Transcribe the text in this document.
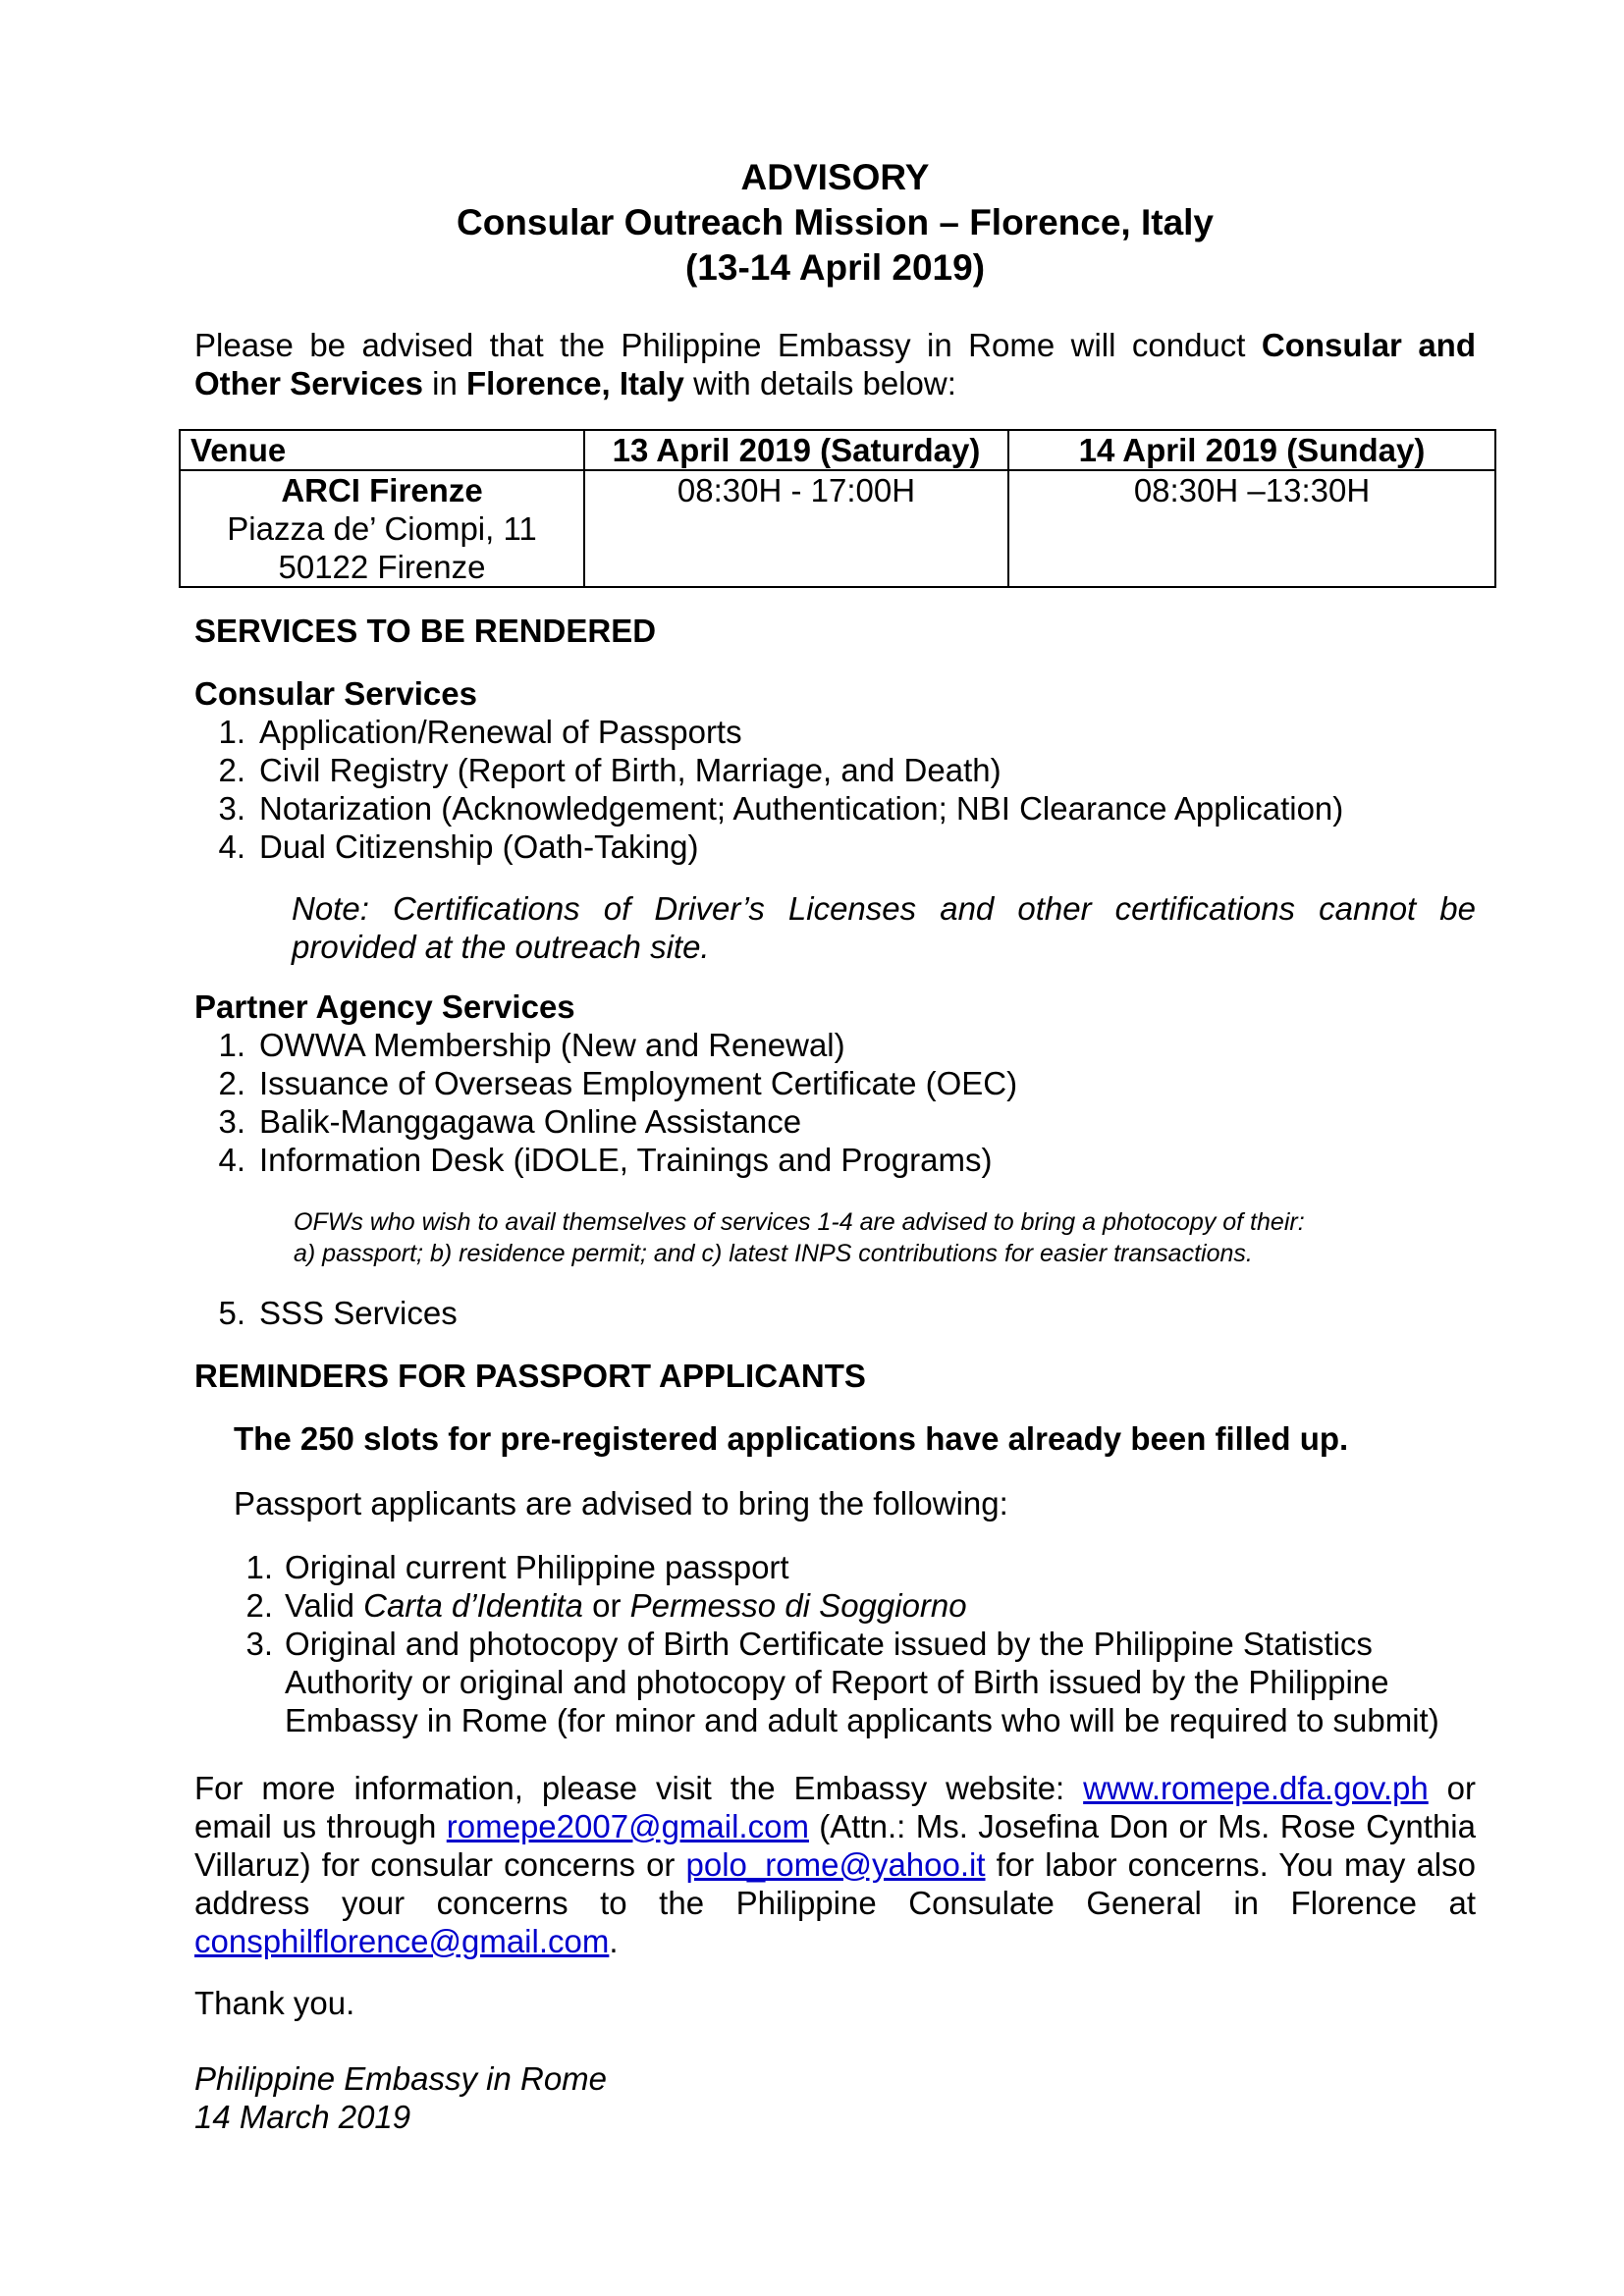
ADVISORY
Consular Outreach Mission – Florence, Italy
(13-14 April 2019)
Please be advised that the Philippine Embassy in Rome will conduct Consular and Other Services in Florence, Italy with details below:
Venue	13 April 2019 (Saturday)	14 April 2019 (Sunday)

ARCI Firenze
Piazza de’ Ciompi, 11
50122 Firenze	08:30H - 17:00H	08:30H –13:30H
SERVICES TO BE RENDERED
Consular Services
1. Application/Renewal of Passports
2. Civil Registry (Report of Birth, Marriage, and Death)
3. Notarization (Acknowledgement; Authentication; NBI Clearance Application)
4. Dual Citizenship (Oath-Taking)
Note: Certifications of Driver’s Licenses and other certifications cannot be provided at the outreach site.
Partner Agency Services
1. OWWA Membership (New and Renewal)
2. Issuance of Overseas Employment Certificate (OEC)
3. Balik-Manggagawa Online Assistance
4. Information Desk (iDOLE, Trainings and Programs)
OFWs who wish to avail themselves of services 1-4 are advised to bring a photocopy of their:
a) passport; b) residence permit; and c) latest INPS contributions for easier transactions.
5. SSS Services
REMINDERS FOR PASSPORT APPLICANTS
The 250 slots for pre-registered applications have already been filled up.
Passport applicants are advised to bring the following:
1. Original current Philippine passport
2. Valid Carta d’Identita or Permesso di Soggiorno
3. Original and photocopy of Birth Certificate issued by the Philippine Statistics
Authority or original and photocopy of Report of Birth issued by the Philippine
Embassy in Rome (for minor and adult applicants who will be required to submit)
For more information, please visit the Embassy website: www.romepe.dfa.gov.ph or email us through romepe2007@gmail.com (Attn.: Ms. Josefina Don or Ms. Rose Cynthia Villaruz) for consular concerns or polo_rome@yahoo.it for labor concerns. You may also address your concerns to the Philippine Consulate General in Florence at consphilflorence@gmail.com.
Thank you.
Philippine Embassy in Rome
14 March 2019
